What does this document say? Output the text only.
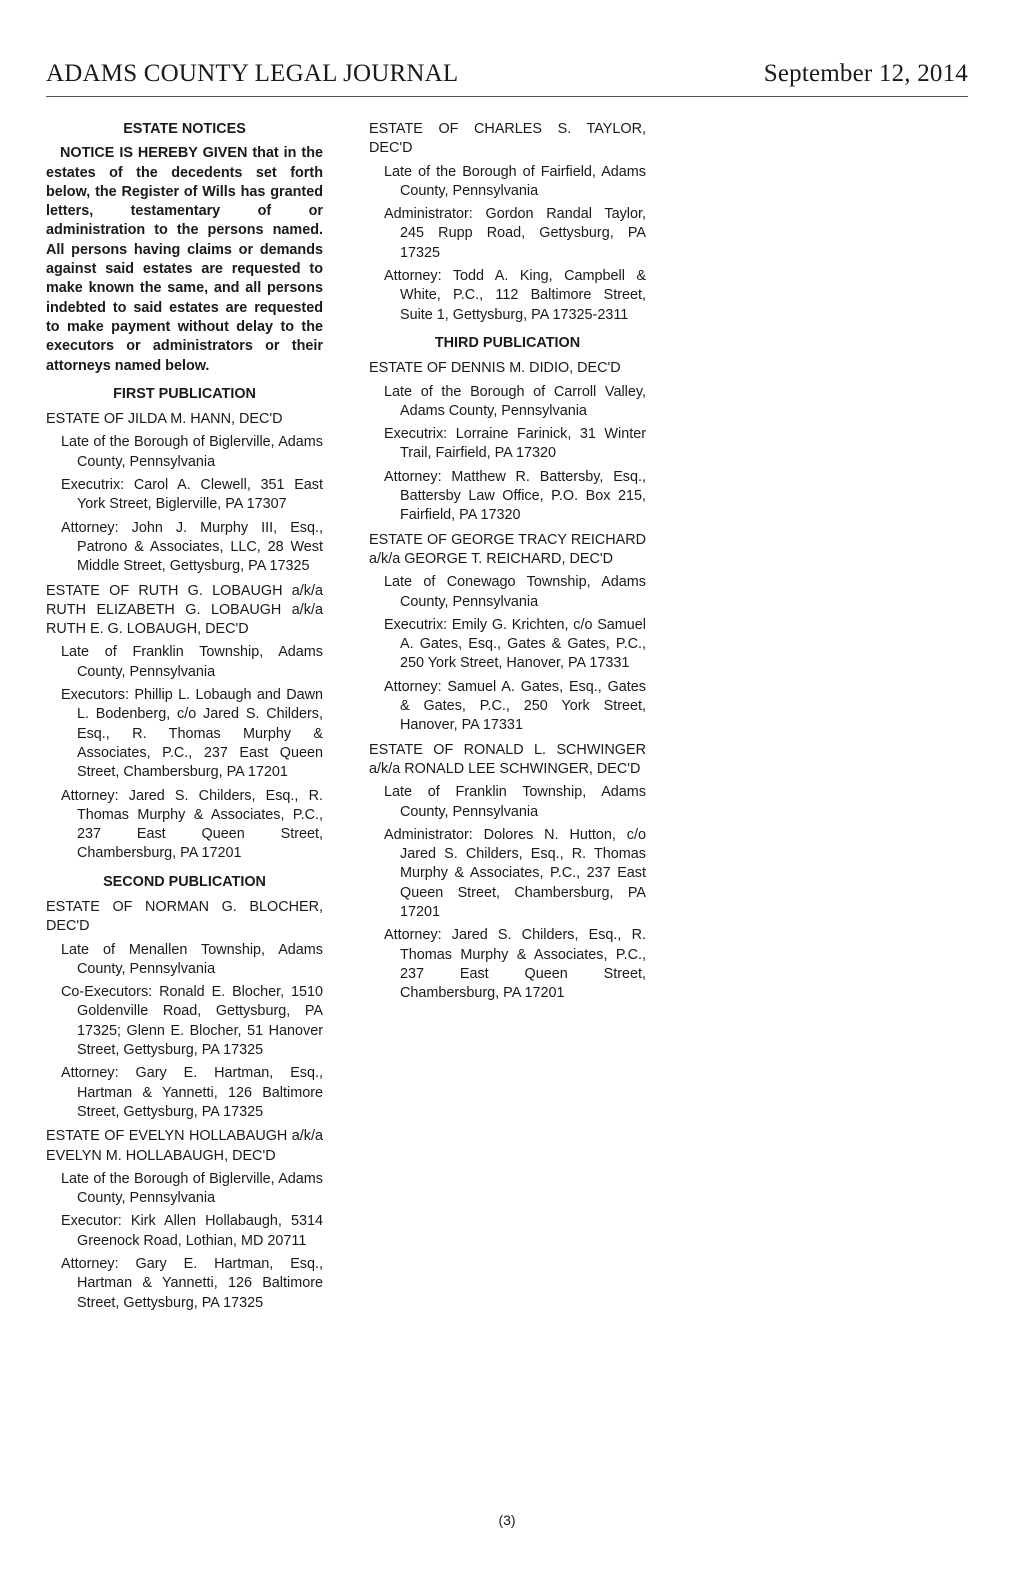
ADAMS COUNTY LEGAL JOURNAL	September 12, 2014
ESTATE NOTICES

NOTICE IS HEREBY GIVEN that in the estates of the decedents set forth below, the Register of Wills has granted letters, testamentary of or administration to the persons named. All persons having claims or demands against said estates are requested to make known the same, and all persons indebted to said estates are requested to make payment without delay to the executors or administrators or their attorneys named below.

FIRST PUBLICATION

ESTATE OF JILDA M. HANN, DEC'D

Late of the Borough of Biglerville, Adams County, Pennsylvania

Executrix: Carol A. Clewell, 351 East York Street, Biglerville, PA 17307

Attorney: John J. Murphy III, Esq., Patrono & Associates, LLC, 28 West Middle Street, Gettysburg, PA 17325

ESTATE OF RUTH G. LOBAUGH a/k/a RUTH ELIZABETH G. LOBAUGH a/k/a RUTH E. G. LOBAUGH, DEC'D

Late of Franklin Township, Adams County, Pennsylvania

Executors: Phillip L. Lobaugh and Dawn L. Bodenberg, c/o Jared S. Childers, Esq., R. Thomas Murphy & Associates, P.C., 237 East Queen Street, Chambersburg, PA 17201

Attorney: Jared S. Childers, Esq., R. Thomas Murphy & Associates, P.C., 237 East Queen Street, Chambersburg, PA 17201

SECOND PUBLICATION

ESTATE OF NORMAN G. BLOCHER, DEC'D

Late of Menallen Township, Adams County, Pennsylvania

Co-Executors: Ronald E. Blocher, 1510 Goldenville Road, Gettysburg, PA 17325; Glenn E. Blocher, 51 Hanover Street, Gettysburg, PA 17325

Attorney: Gary E. Hartman, Esq., Hartman & Yannetti, 126 Baltimore Street, Gettysburg, PA 17325

ESTATE OF EVELYN HOLLABAUGH a/k/a EVELYN M. HOLLABAUGH, DEC'D

Late of the Borough of Biglerville, Adams County, Pennsylvania

Executor: Kirk Allen Hollabaugh, 5314 Greenock Road, Lothian, MD 20711

Attorney: Gary E. Hartman, Esq., Hartman & Yannetti, 126 Baltimore Street, Gettysburg, PA 17325

ESTATE OF CHARLES S. TAYLOR, DEC'D

Late of the Borough of Fairfield, Adams County, Pennsylvania

Administrator: Gordon Randal Taylor, 245 Rupp Road, Gettysburg, PA 17325

Attorney: Todd A. King, Campbell & White, P.C., 112 Baltimore Street, Suite 1, Gettysburg, PA 17325-2311

THIRD PUBLICATION

ESTATE OF DENNIS M. DIDIO, DEC'D

Late of the Borough of Carroll Valley, Adams County, Pennsylvania

Executrix: Lorraine Farinick, 31 Winter Trail, Fairfield, PA 17320

Attorney: Matthew R. Battersby, Esq., Battersby Law Office, P.O. Box 215, Fairfield, PA 17320

ESTATE OF GEORGE TRACY REICHARD a/k/a GEORGE T. REICHARD, DEC'D

Late of Conewago Township, Adams County, Pennsylvania

Executrix: Emily G. Krichten, c/o Samuel A. Gates, Esq., Gates & Gates, P.C., 250 York Street, Hanover, PA 17331

Attorney: Samuel A. Gates, Esq., Gates & Gates, P.C., 250 York Street, Hanover, PA 17331

ESTATE OF RONALD L. SCHWINGER a/k/a RONALD LEE SCHWINGER, DEC'D

Late of Franklin Township, Adams County, Pennsylvania

Administrator: Dolores N. Hutton, c/o Jared S. Childers, Esq., R. Thomas Murphy & Associates, P.C., 237 East Queen Street, Chambersburg, PA 17201

Attorney: Jared S. Childers, Esq., R. Thomas Murphy & Associates, P.C., 237 East Queen Street, Chambersburg, PA 17201

(3)
